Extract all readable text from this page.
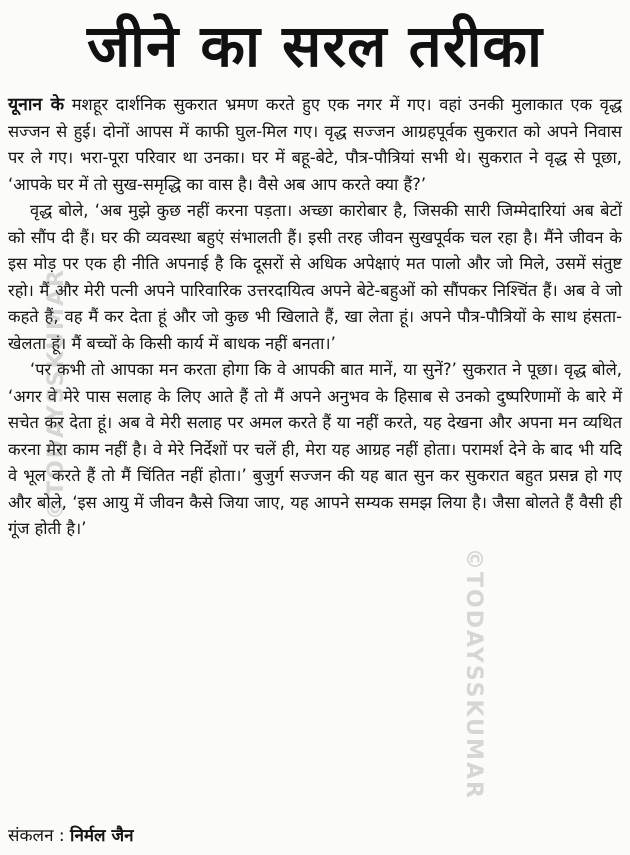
जीने का सरल तरीका

यूनान के मशहूर दार्शनिक सुकरात भ्रमण करते हुए एक नगर में गए। वहां उनकी मुलाकात एक वृद्ध सज्जन से हुई। दोनों आपस में काफी घुल-मिल गए। वृद्ध सज्जन आग्रहपूर्वक सुकरात को अपने निवास पर ले गए। भरा-पूरा परिवार था उनका। घर में बहू-बेटे, पौत्र-पौत्रियां सभी थे। सुकरात ने वृद्ध से पूछा, ‘आपके घर में तो सुख-समृद्धि का वास है। वैसे अब आप करते क्या हैं?’

वृद्ध बोले, ‘अब मुझे कुछ नहीं करना पड़ता। अच्छा कारोबार है, जिसकी सारी जिम्मेदारियां अब बेटों को सौंप दी हैं। घर की व्यवस्था बहुएं संभालती हैं। इसी तरह जीवन सुखपूर्वक चल रहा है। मैंने जीवन के इस मोड़ पर एक ही नीति अपनाई है कि दूसरों से अधिक अपेक्षाएं मत पालो और जो मिले, उसमें संतुष्ट रहो। मैं और मेरी पत्नी अपने पारिवारिक उत्तरदायित्व अपने बेटे-बहुओं को सौंपकर निश्चिंत हैं। अब वे जो कहते हैं, वह मैं कर देता हूं और जो कुछ भी खिलाते हैं, खा लेता हूं। अपने पौत्र-पौत्रियों के साथ हंसता-खेलता हूं। मैं बच्चों के किसी कार्य में बाधक नहीं बनता।’

‘पर कभी तो आपका मन करता होगा कि वे आपकी बात मानें, या सुनें?’ सुकरात ने पूछा। वृद्ध बोले, ‘अगर वे मेरे पास सलाह के लिए आते हैं तो मैं अपने अनुभव के हिसाब से उनको दुष्परिणामों के बारे में सचेत कर देता हूं। अब वे मेरी सलाह पर अमल करते हैं या नहीं करते, यह देखना और अपना मन व्यथित करना मेरा काम नहीं है। वे मेरे निर्देशों पर चलें ही, मेरा यह आग्रह नहीं होता। परामर्श देने के बाद भी यदि वे भूल करते हैं तो मैं चिंतित नहीं होता।’ बुजुर्ग सज्जन की यह बात सुन कर सुकरात बहुत प्रसन्न हो गए और बोले, ‘इस आयु में जीवन कैसे जिया जाए, यह आपने सम्यक समझ लिया है। जैसा बोलते हैं वैसी ही गूंज होती है।’

संकलन : निर्मल जैन
©TODAYSSKUMAR
©TODAYSSKUMAR
